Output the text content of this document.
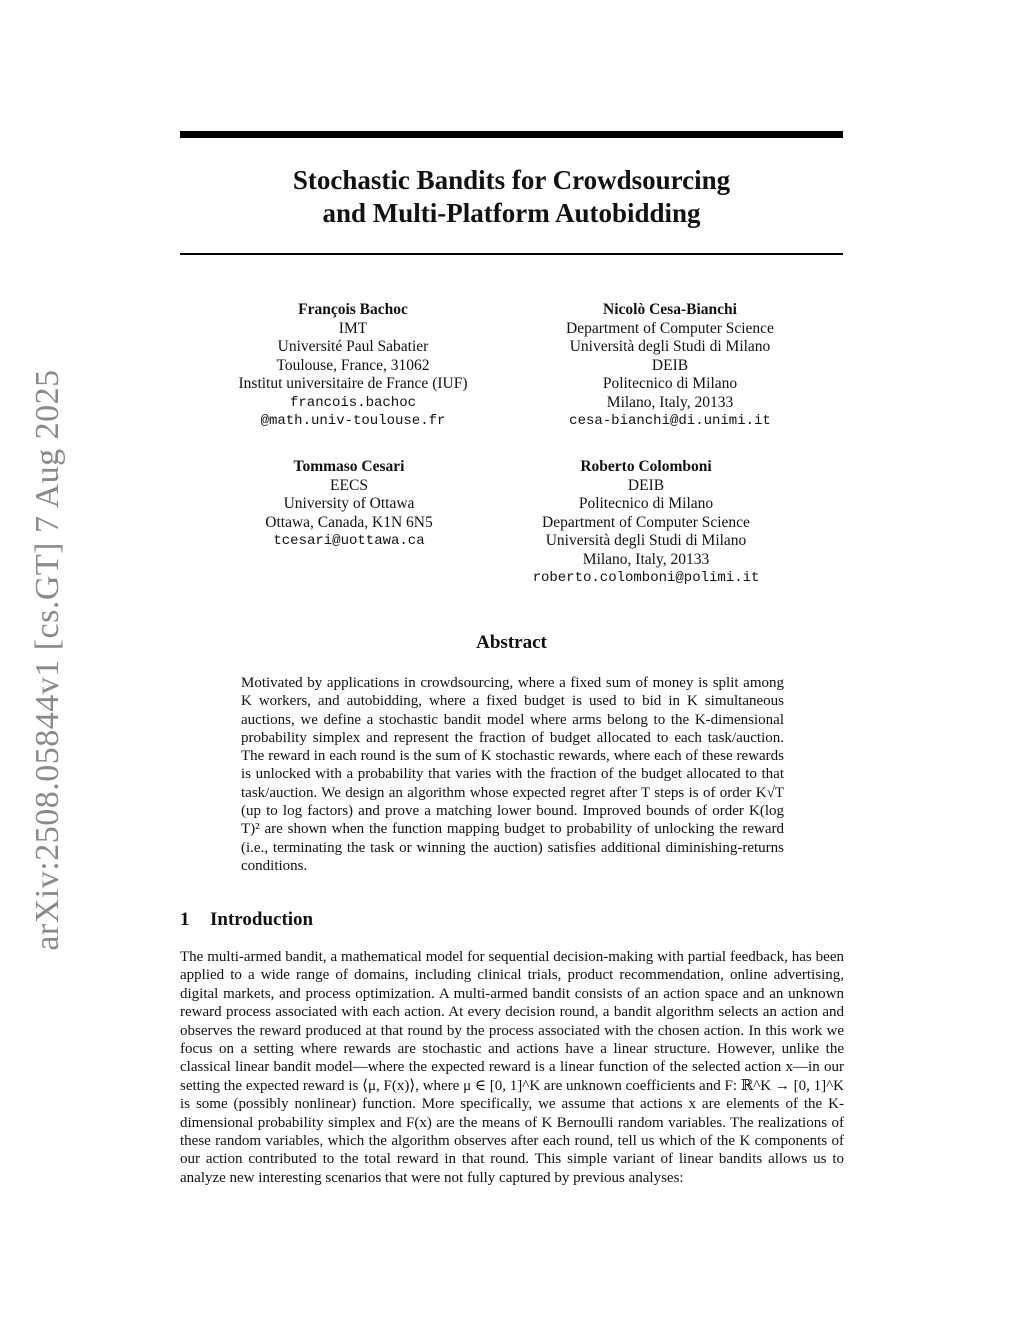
arXiv:2508.05844v1 [cs.GT] 7 Aug 2025
Stochastic Bandits for Crowdsourcing
and Multi-Platform Autobidding
François Bachoc
IMT
Université Paul Sabatier
Toulouse, France, 31062
Institut universitaire de France (IUF)
francois.bachoc
@math.univ-toulouse.fr
Nicolò Cesa-Bianchi
Department of Computer Science
Università degli Studi di Milano
DEIB
Politecnico di Milano
Milano, Italy, 20133
cesa-bianchi@di.unimi.it
Tommaso Cesari
EECS
University of Ottawa
Ottawa, Canada, K1N 6N5
tcesari@uottawa.ca
Roberto Colomboni
DEIB
Politecnico di Milano
Department of Computer Science
Università degli Studi di Milano
Milano, Italy, 20133
roberto.colomboni@polimi.it
Abstract

Motivated by applications in crowdsourcing, where a fixed sum of money is split among K workers, and autobidding, where a fixed budget is used to bid in K simultaneous auctions, we define a stochastic bandit model where arms belong to the K-dimensional probability simplex and represent the fraction of budget allocated to each task/auction. The reward in each round is the sum of K stochastic rewards, where each of these rewards is unlocked with a probability that varies with the fraction of the budget allocated to that task/auction. We design an algorithm whose expected regret after T steps is of order K√T (up to log factors) and prove a matching lower bound. Improved bounds of order K(log T)² are shown when the function mapping budget to probability of unlocking the reward (i.e., terminating the task or winning the auction) satisfies additional diminishing-returns conditions.

1 Introduction

The multi-armed bandit, a mathematical model for sequential decision-making with partial feedback, has been applied to a wide range of domains, including clinical trials, product recommendation, online advertising, digital markets, and process optimization. A multi-armed bandit consists of an action space and an unknown reward process associated with each action. At every decision round, a bandit algorithm selects an action and observes the reward produced at that round by the process associated with the chosen action. In this work we focus on a setting where rewards are stochastic and actions have a linear structure. However, unlike the classical linear bandit model—where the expected reward is a linear function of the selected action x—in our setting the expected reward is ⟨μ, F(x)⟩, where μ ∈ [0, 1]^K are unknown coefficients and F: ℝ^K → [0, 1]^K is some (possibly nonlinear) function. More specifically, we assume that actions x are elements of the K-dimensional probability simplex and F(x) are the means of K Bernoulli random variables. The realizations of these random variables, which the algorithm observes after each round, tell us which of the K components of our action contributed to the total reward in that round. This simple variant of linear bandits allows us to analyze new interesting scenarios that were not fully captured by previous analyses:
